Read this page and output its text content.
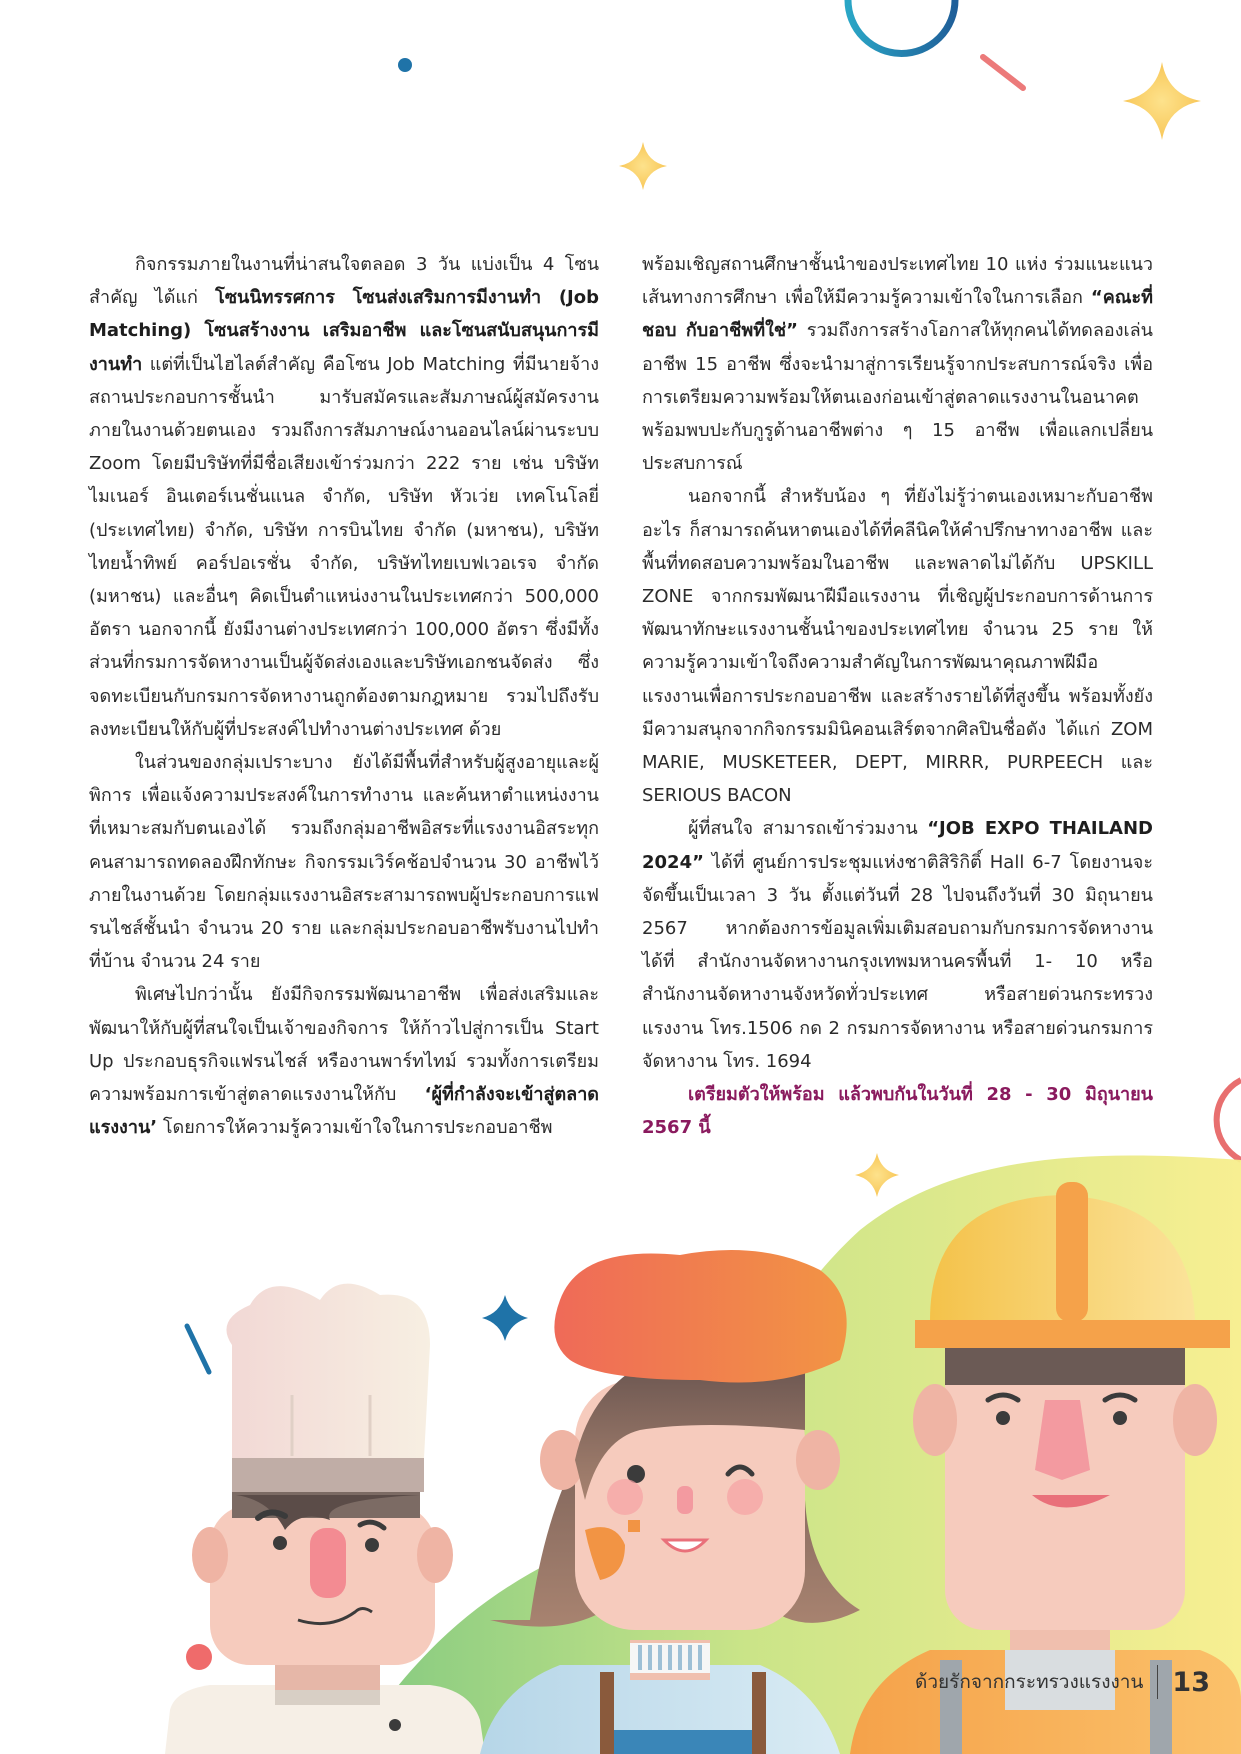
กิจกรรมภายในงานที่น่าสนใจตลอด 3 วัน แบ่งเป็น 4 โซนสำคัญ ได้แก่ โซนนิทรรศการ โซนส่งเสริมการมีงานทำ (Job Matching) โซนสร้างงาน เสริมอาชีพ และโซนสนับสนุนการมีงานทำ แต่ที่เป็นไฮไลต์สำคัญ คือโซน Job Matching ที่มีนายจ้าง สถานประกอบการชั้นนำ มารับสมัครและสัมภาษณ์ผู้สมัครงานภายในงานด้วยตนเอง รวมถึงการสัมภาษณ์งานออนไลน์ผ่านระบบ Zoom โดยมีบริษัทที่มีชื่อเสียงเข้าร่วมกว่า 222 ราย เช่น บริษัท ไมเนอร์ อินเตอร์เนชั่นแนล จำกัด, บริษัท หัวเว่ย เทคโนโลยี่ (ประเทศไทย) จำกัด, บริษัท การบินไทย จำกัด (มหาชน), บริษัทไทยน้ำทิพย์ คอร์ปอเรชั่น จำกัด, บริษัทไทยเบฟเวอเรจ จำกัด (มหาชน) และอื่นๆ คิดเป็นตำแหน่งงานในประเทศกว่า 500,000 อัตรา นอกจากนี้ ยังมีงานต่างประเทศกว่า 100,000 อัตรา ซึ่งมีทั้งส่วนที่กรมการจัดหางานเป็นผู้จัดส่งเองและบริษัทเอกชนจัดส่ง ซึ่งจดทะเบียนกับกรมการจัดหางานถูกต้องตามกฎหมาย รวมไปถึงรับลงทะเบียนให้กับผู้ที่ประสงค์ไปทำงานต่างประเทศ ด้วย

ในส่วนของกลุ่มเปราะบาง ยังได้มีพื้นที่สำหรับผู้สูงอายุและผู้พิการ เพื่อแจ้งความประสงค์ในการทำงาน และค้นหาตำแหน่งงานที่เหมาะสมกับตนเองได้ รวมถึงกลุ่มอาชีพอิสระที่แรงงานอิสระทุกคนสามารถทดลองฝึกทักษะ กิจกรรมเวิร์คช้อปจำนวน 30 อาชีพไว้ภายในงานด้วย โดยกลุ่มแรงงานอิสระสามารถพบผู้ประกอบการแฟรนไชส์ชั้นนำ จำนวน 20 ราย และกลุ่มประกอบอาชีพรับงานไปทำที่บ้าน จำนวน 24 ราย

พิเศษไปกว่านั้น ยังมีกิจกรรมพัฒนาอาชีพ เพื่อส่งเสริมและพัฒนาให้กับผู้ที่สนใจเป็นเจ้าของกิจการ ให้ก้าวไปสู่การเป็น Start Up ประกอบธุรกิจแฟรนไชส์ หรืองานพาร์ทไทม์ รวมทั้งการเตรียมความพร้อมการเข้าสู่ตลาดแรงงานให้กับ ‘ผู้ที่กำลังจะเข้าสู่ตลาดแรงงาน’ โดยการให้ความรู้ความเข้าใจในการประกอบอาชีพ

พร้อมเชิญสถานศึกษาชั้นนำของประเทศไทย 10 แห่ง ร่วมแนะแนวเส้นทางการศึกษา เพื่อให้มีความรู้ความเข้าใจในการเลือก “คณะที่ชอบ กับอาชีพที่ใช่” รวมถึงการสร้างโอกาสให้ทุกคนได้ทดลองเล่นอาชีพ 15 อาชีพ ซึ่งจะนำมาสู่การเรียนรู้จากประสบการณ์จริง เพื่อการเตรียมความพร้อมให้ตนเองก่อนเข้าสู่ตลาดแรงงานในอนาคต พร้อมพบปะกับกูรูด้านอาชีพต่าง ๆ 15 อาชีพ เพื่อแลกเปลี่ยนประสบการณ์

นอกจากนี้ สำหรับน้อง ๆ ที่ยังไม่รู้ว่าตนเองเหมาะกับอาชีพอะไร ก็สามารถค้นหาตนเองได้ที่คลีนิคให้คำปรึกษาทางอาชีพ และพื้นที่ทดสอบความพร้อมในอาชีพ และพลาดไม่ได้กับ UPSKILL ZONE จากกรมพัฒนาฝีมือแรงงาน ที่เชิญผู้ประกอบการด้านการพัฒนาทักษะแรงงานชั้นนำของประเทศไทย จำนวน 25 ราย ให้ความรู้ความเข้าใจถึงความสำคัญในการพัฒนาคุณภาพฝีมือแรงงานเพื่อการประกอบอาชีพ และสร้างรายได้ที่สูงขึ้น พร้อมทั้งยังมีความสนุกจากกิจกรรมมินิคอนเสิร์ตจากศิลปินชื่อดัง ได้แก่ ZOM MARIE, MUSKETEER, DEPT, MIRRR, PURPEECH และ SERIOUS BACON

ผู้ที่สนใจ สามารถเข้าร่วมงาน “JOB EXPO THAILAND 2024” ได้ที่ ศูนย์การประชุมแห่งชาติสิริกิติ์ Hall 6-7 โดยงานจะจัดขึ้นเป็นเวลา 3 วัน ตั้งแต่วันที่ 28 ไปจนถึงวันที่ 30 มิถุนายน 2567 หากต้องการข้อมูลเพิ่มเติมสอบถามกับกรมการจัดหางาน ได้ที่ สำนักงานจัดหางานกรุงเทพมหานครพื้นที่ 1- 10 หรือสำนักงานจัดหางานจังหวัดทั่วประเทศ หรือสายด่วนกระทรวงแรงงาน โทร.1506 กด 2 กรมการจัดหางาน หรือสายด่วนกรมการจัดหางาน โทร. 1694

เตรียมตัวให้พร้อม แล้วพบกันในวันที่ 28 - 30 มิถุนายน 2567 นี้

ด้วยรักจากกระทรวงแรงงาน 13
